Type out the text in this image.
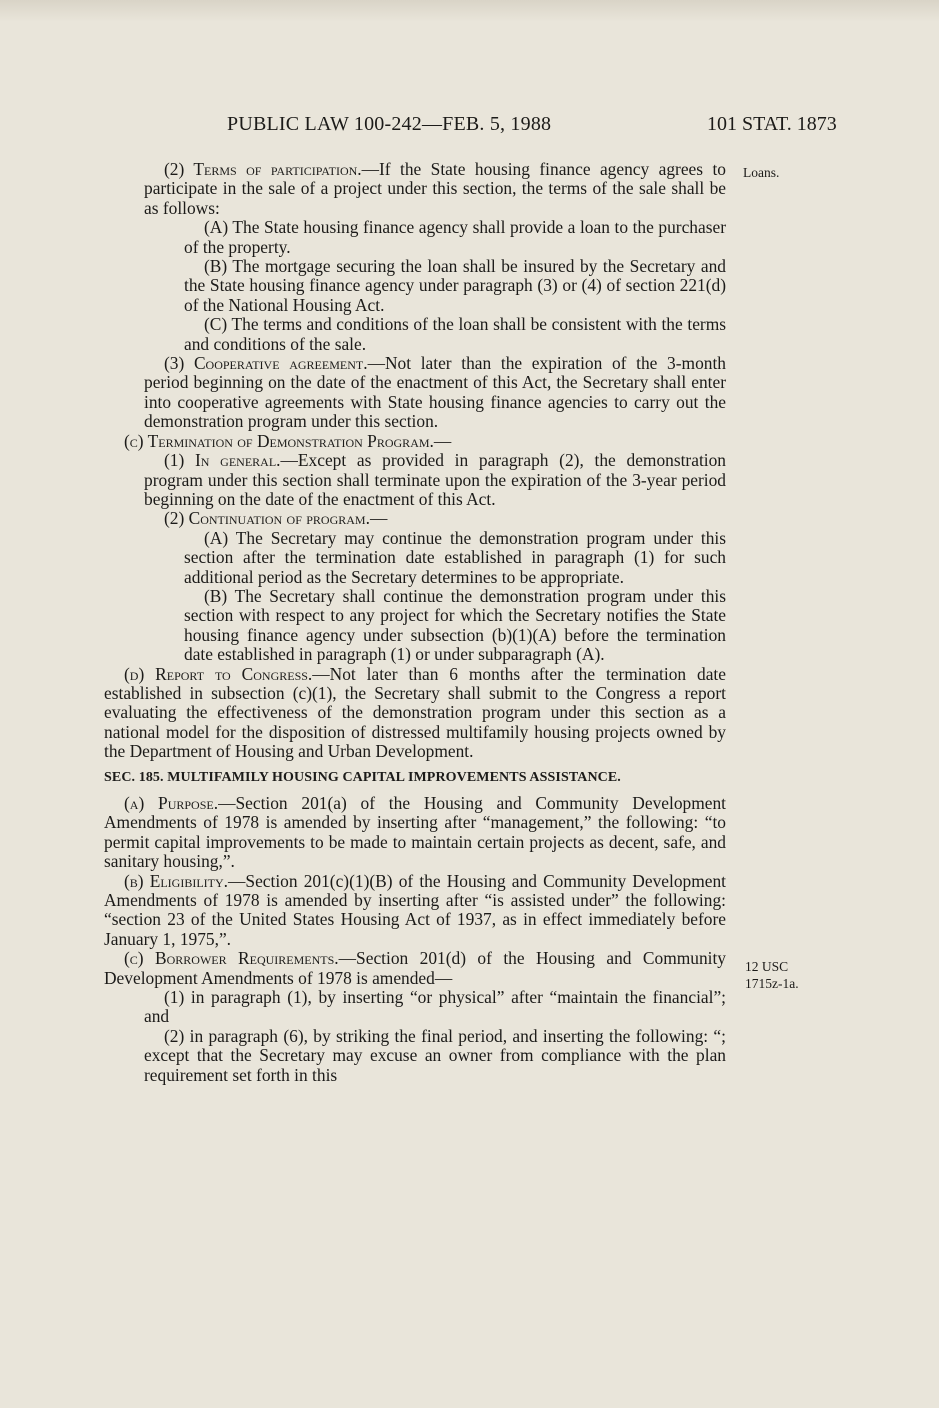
PUBLIC LAW 100-242—FEB. 5, 1988	101 STAT. 1873
Loans.
12 USC
1715z-1a.

(2) Terms of participation.—If the State housing finance agency agrees to participate in the sale of a project under this section, the terms of the sale shall be as follows:

(A) The State housing finance agency shall provide a loan to the purchaser of the property.

(B) The mortgage securing the loan shall be insured by the Secretary and the State housing finance agency under paragraph (3) or (4) of section 221(d) of the National Housing Act.

(C) The terms and conditions of the loan shall be consistent with the terms and conditions of the sale.

(3) Cooperative agreement.—Not later than the expiration of the 3-month period beginning on the date of the enactment of this Act, the Secretary shall enter into cooperative agreements with State housing finance agencies to carry out the demonstration program under this section.

(c) Termination of Demonstration Program.—

(1) In general.—Except as provided in paragraph (2), the demonstration program under this section shall terminate upon the expiration of the 3-year period beginning on the date of the enactment of this Act.

(2) Continuation of program.—

(A) The Secretary may continue the demonstration program under this section after the termination date established in paragraph (1) for such additional period as the Secretary determines to be appropriate.

(B) The Secretary shall continue the demonstration program under this section with respect to any project for which the Secretary notifies the State housing finance agency under subsection (b)(1)(A) before the termination date established in paragraph (1) or under subparagraph (A).

(d) Report to Congress.—Not later than 6 months after the termination date established in subsection (c)(1), the Secretary shall submit to the Congress a report evaluating the effectiveness of the demonstration program under this section as a national model for the disposition of distressed multifamily housing projects owned by the Department of Housing and Urban Development.

SEC. 185. MULTIFAMILY HOUSING CAPITAL IMPROVEMENTS ASSISTANCE.

(a) Purpose.—Section 201(a) of the Housing and Community Development Amendments of 1978 is amended by inserting after “management,” the following: “to permit capital improvements to be made to maintain certain projects as decent, safe, and sanitary housing,”.

(b) Eligibility.—Section 201(c)(1)(B) of the Housing and Community Development Amendments of 1978 is amended by inserting after “is assisted under” the following: “section 23 of the United States Housing Act of 1937, as in effect immediately before January 1, 1975,”.

(c) Borrower Requirements.—Section 201(d) of the Housing and Community Development Amendments of 1978 is amended—

(1) in paragraph (1), by inserting “or physical” after “maintain the financial”; and

(2) in paragraph (6), by striking the final period, and inserting the following: “; except that the Secretary may excuse an owner from compliance with the plan requirement set forth in this
